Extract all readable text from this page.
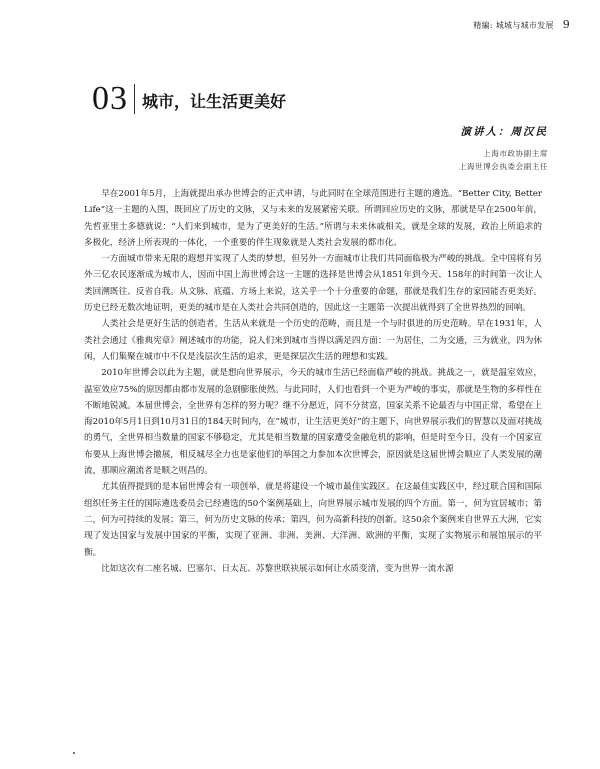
精編: 城城与城市发展 9
03 城市，让生活更美好
演讲人：周汉民
上海市政协副主席
上海世博会执委会副主任

早在2001年5月，上海就提出承办世博会的正式申请，与此同时在全球范围进行主题的遴选。“Better City, Better Life”这一主题的入围，既回应了历史的文脉，又与未来的发展紧密关联。所谓回应历史的文脉，那就是早在2500年前，先哲亚里士多德就说：“人们来到城市，是为了更美好的生活。”所谓与未来休戚相关，就是全球的发展，政治上所追求的多极化，经济上所表现的一体化，一个重要的伴生现象就是人类社会发展的都市化。

一方面城市带来无限的遐想并实现了人类的梦想，但另外一方面城市让我们共同面临极为严峻的挑战。全中国将有另外三亿农民逐渐成为城市人，因而中国上海世博会这一主题的选择是世博会从1851年到今天、158年的时间第一次让人类回溯既往、反省自我。从文脉、底蕴、方场上来说，这关乎一个十分重要的命题，那就是我们生存的家园能否更美好。历史已经无数次地证明，更美的城市是在人类社会共同创造的，因此这一主题第一次提出就得到了全世界热烈的回响。

人类社会是更好生活的创造者，生活从来就是一个历史的范畴，而且是一个与时俱进的历史范畴。早在1931年，人类社会通过《雅典宪章》阐述城市的功能，说人们来到城市当得以满足四方面：一为居住，二为交通，三为就业，四为休闲，人们集聚在城市中不仅是浅层次生活的追求，更是探层次生活的理想和实践。

2010年世博会以此为主题，就是想向世界展示，今天的城市生活已经面临严峻的挑战。挑战之一，就是温室效应，温室效应75%的原因都由都市发展的急剧膨胀使然。与此同时，人们也看到一个更为严峻的事实，那就是生物的多样性在不断地锐减。本届世博会，全世界有怎样的努力呢？继不分愿近，同不分贫富，国家关系不论最否与中国正常，希望在上海2010年5月1日到10月31日的184天时间内，在“城市，让生活更美好”的主题下，向世界展示我们的智慧以及面对挑战的勇气，全世界相当数量的国家不够稳定，尤其是相当数量的国家遭受金融危机的影响，但是时至今日，没有一个国家宣布要从上海世博会撤展，相反城尽全力也是家他们的举国之力参加本次世博会，原因就是这届世博会顺应了人类发展的潮流，那顺应潮流者是顺之则昌的。

尤其值得提到的是本届世博会有一项创举，就是将建设一个城市最佳实践区。在这最佳实践区中，经过联合国和国际组织任务主任的国际遴选委员会已经遴选的50个案例基础上，向世界展示城市发展的四个方面。第一，何为宜居城市；第二，何为可持续的发展；第三，何为历史文脉的传承；第四，何为高新科技的创新。这50余个案例来自世界五大洲，它实现了发达国家与发展中国家的平衡，实现了亚洲、非洲、美洲、大洋洲、欧洲的平衡，实现了实物展示和展馆展示的平衡。

比如这次有二座名城、巴塞尔、日太瓦、苏黎世联袂展示如何让水质变清，变为世界一流水源
